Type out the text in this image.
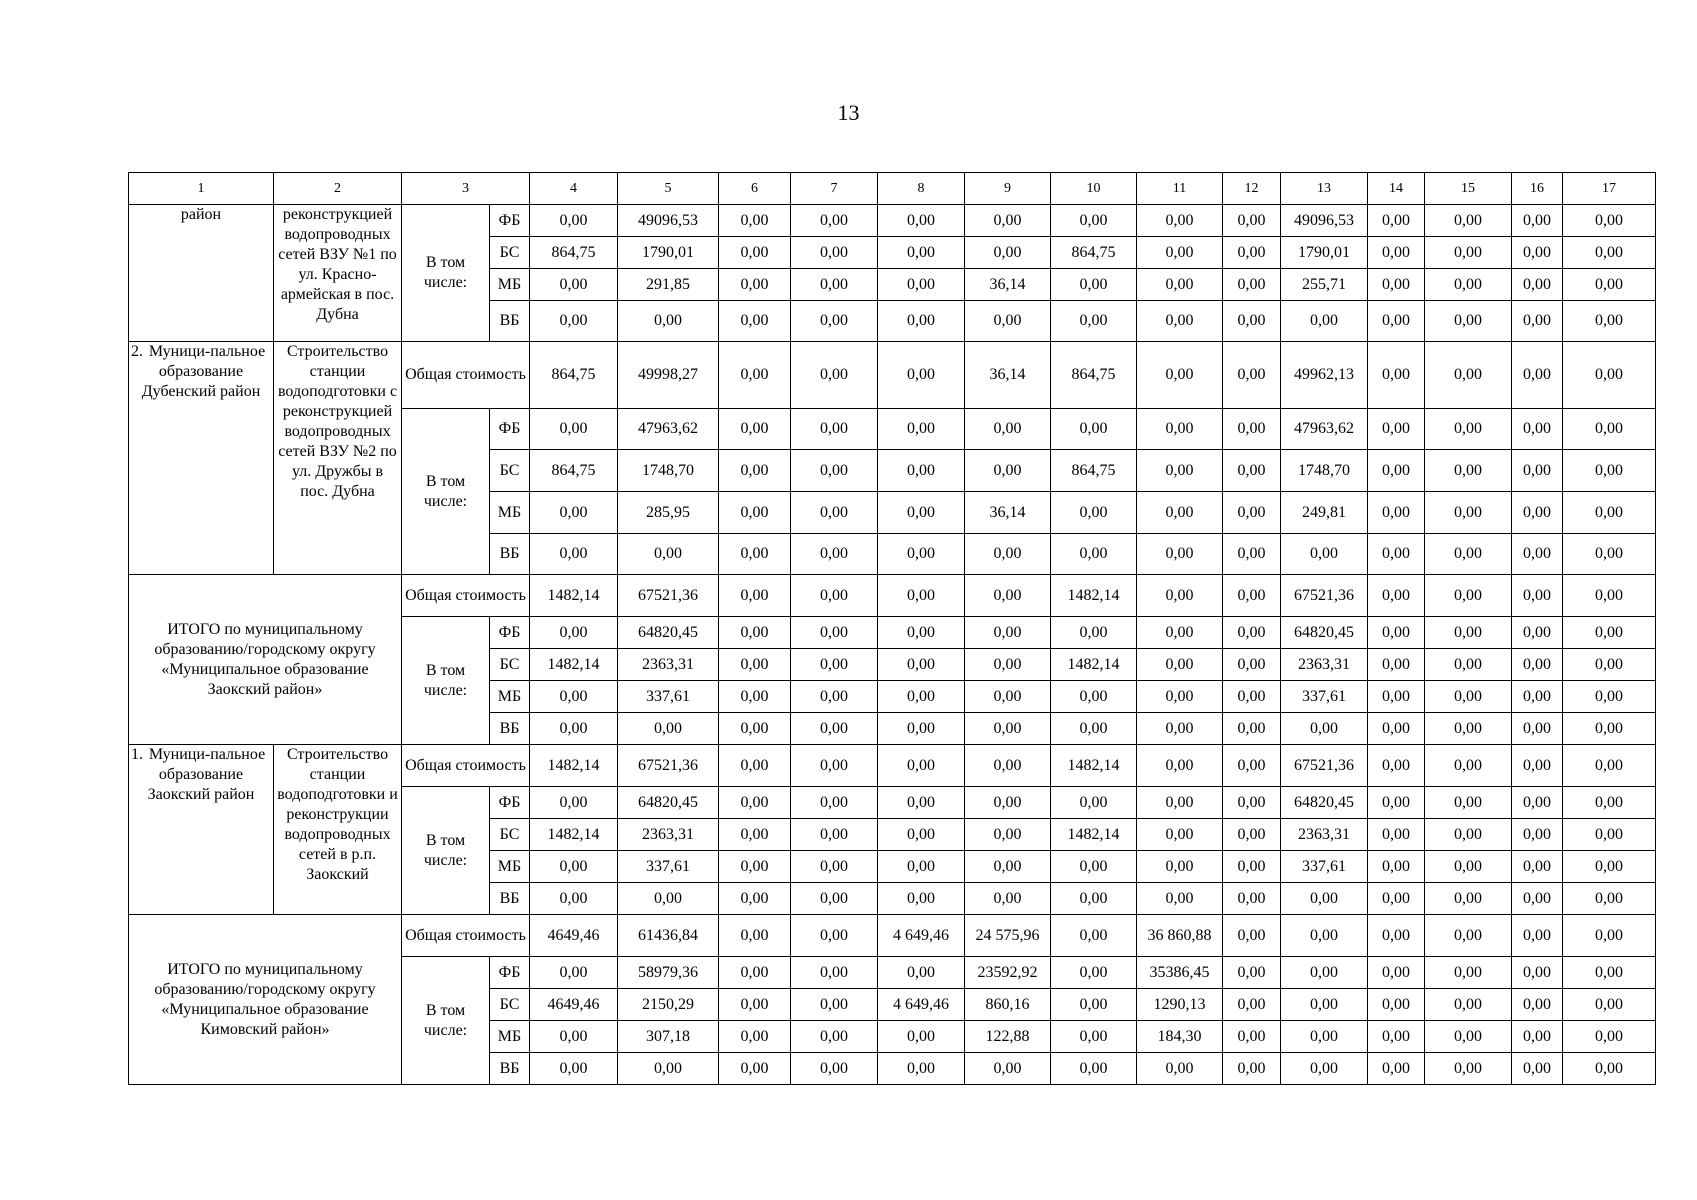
13
1	2	3		4	5	6	7	8	9	10	11	12	13	14	15	16	17
район	реконструкцией водопроводных сетей ВЗУ №1 по ул. Красно-армейская в пос. Дубна	В том числе:	ФБ	0,00	49096,53	0,00	0,00	0,00	0,00	0,00	0,00	0,00	49096,53	0,00	0,00	0,00	0,00
			БС	864,75	1790,01	0,00	0,00	0,00	0,00	864,75	0,00	0,00	1790,01	0,00	0,00	0,00	0,00
			МБ	0,00	291,85	0,00	0,00	0,00	36,14	0,00	0,00	0,00	255,71	0,00	0,00	0,00	0,00
			ВБ	0,00	0,00	0,00	0,00	0,00	0,00	0,00	0,00	0,00	0,00	0,00	0,00	0,00	0,00

2. Муници-пальное образование Дубенский район	Строительство станции водоподготовки с реконструкцией водопроводных сетей ВЗУ №2 по ул. Дружбы в пос. Дубна	Общая стоимость		864,75	49998,27	0,00	0,00	0,00	36,14	864,75	0,00	0,00	49962,13	0,00	0,00	0,00	0,00
		В том числе:	ФБ	0,00	47963,62	0,00	0,00	0,00	0,00	0,00	0,00	0,00	47963,62	0,00	0,00	0,00	0,00
			БС	864,75	1748,70	0,00	0,00	0,00	0,00	864,75	0,00	0,00	1748,70	0,00	0,00	0,00	0,00
			МБ	0,00	285,95	0,00	0,00	0,00	36,14	0,00	0,00	0,00	249,81	0,00	0,00	0,00	0,00
			ВБ	0,00	0,00	0,00	0,00	0,00	0,00	0,00	0,00	0,00	0,00	0,00	0,00	0,00	0,00
ИТОГО по муниципальному образованию/городскому округу «Муниципальное образование Заокский район»		Общая стоимость		1482,14	67521,36	0,00	0,00	0,00	0,00	1482,14	0,00	0,00	67521,36	0,00	0,00	0,00	0,00
		В том числе:	ФБ	0,00	64820,45	0,00	0,00	0,00	0,00	0,00	0,00	0,00	64820,45	0,00	0,00	0,00	0,00
			БС	1482,14	2363,31	0,00	0,00	0,00	0,00	1482,14	0,00	0,00	2363,31	0,00	0,00	0,00	0,00
			МБ	0,00	337,61	0,00	0,00	0,00	0,00	0,00	0,00	0,00	337,61	0,00	0,00	0,00	0,00
			ВБ	0,00	0,00	0,00	0,00	0,00	0,00	0,00	0,00	0,00	0,00	0,00	0,00	0,00	0,00

1. Муници-пальное образование Заокский район	Строительство станции водоподготовки и реконструкции водопроводных сетей в р.п. Заокский	Общая стоимость		1482,14	67521,36	0,00	0,00	0,00	0,00	1482,14	0,00	0,00	67521,36	0,00	0,00	0,00	0,00
		В том числе:	ФБ	0,00	64820,45	0,00	0,00	0,00	0,00	0,00	0,00	0,00	64820,45	0,00	0,00	0,00	0,00
			БС	1482,14	2363,31	0,00	0,00	0,00	0,00	1482,14	0,00	0,00	2363,31	0,00	0,00	0,00	0,00
			МБ	0,00	337,61	0,00	0,00	0,00	0,00	0,00	0,00	0,00	337,61	0,00	0,00	0,00	0,00
			ВБ	0,00	0,00	0,00	0,00	0,00	0,00	0,00	0,00	0,00	0,00	0,00	0,00	0,00	0,00
ИТОГО по муниципальному образованию/городскому округу «Муниципальное образование Кимовский район»		Общая стоимость		4649,46	61436,84	0,00	0,00	4 649,46	24 575,96	0,00	36 860,88	0,00	0,00	0,00	0,00	0,00	0,00
		В том числе:	ФБ	0,00	58979,36	0,00	0,00	0,00	23592,92	0,00	35386,45	0,00	0,00	0,00	0,00	0,00	0,00
			БС	4649,46	2150,29	0,00	0,00	4 649,46	860,16	0,00	1290,13	0,00	0,00	0,00	0,00	0,00	0,00
			МБ	0,00	307,18	0,00	0,00	0,00	122,88	0,00	184,30	0,00	0,00	0,00	0,00	0,00	0,00
			ВБ	0,00	0,00	0,00	0,00	0,00	0,00	0,00	0,00	0,00	0,00	0,00	0,00	0,00	0,00
